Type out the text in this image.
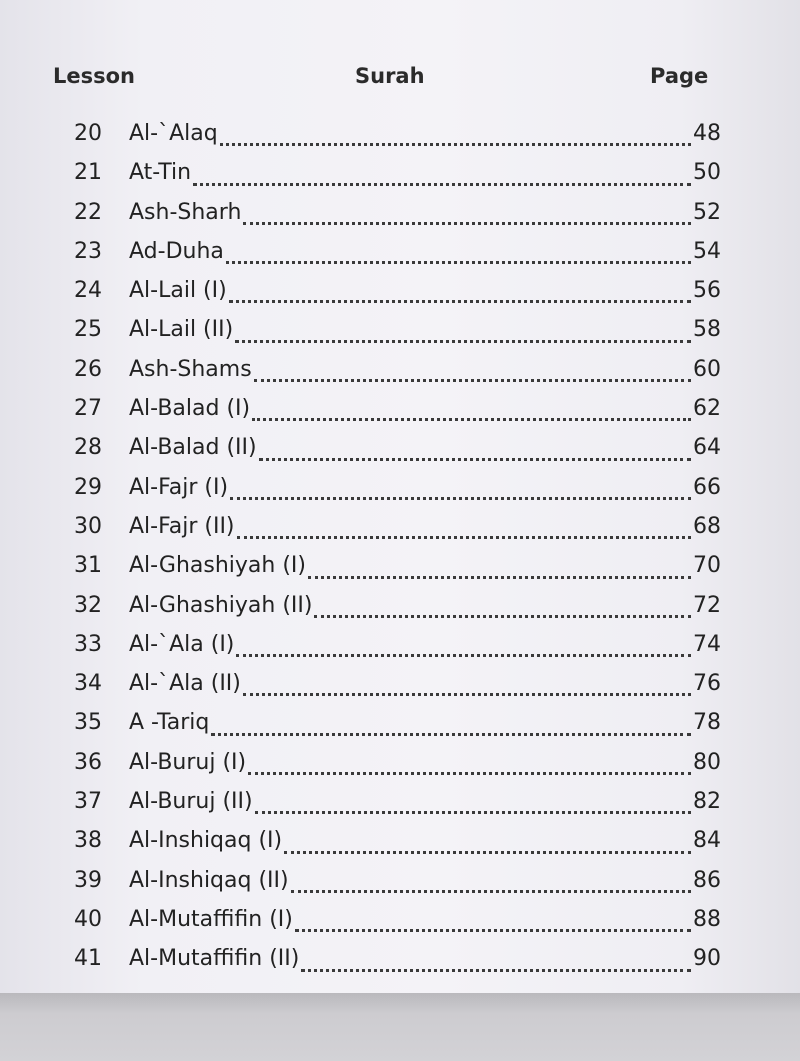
Lesson	Surah	Page
20 Al-`Alaq	48
21 At-Tin	50
22 Ash-Sharh	52
23 Ad-Duha	54
24 Al-Lail (I)	56
25 Al-Lail (II)	58
26 Ash-Shams	60
27 Al-Balad (I)	62
28 Al-Balad (II)	64
29 Al-Fajr (I)	66
30 Al-Fajr (II)	68
31 Al-Ghashiyah (I)	70
32 Al-Ghashiyah (II)	72
33 Al-`Ala (I)	74
34 Al-`Ala (II)	76
35 A -Tariq	78
36 Al-Buruj (I)	80
37 Al-Buruj (II)	82
38 Al-Inshiqaq (I)	84
39 Al-Inshiqaq (II)	86
40 Al-Mutaffifin (I)	88
41 Al-Mutaffifin (II)	90
